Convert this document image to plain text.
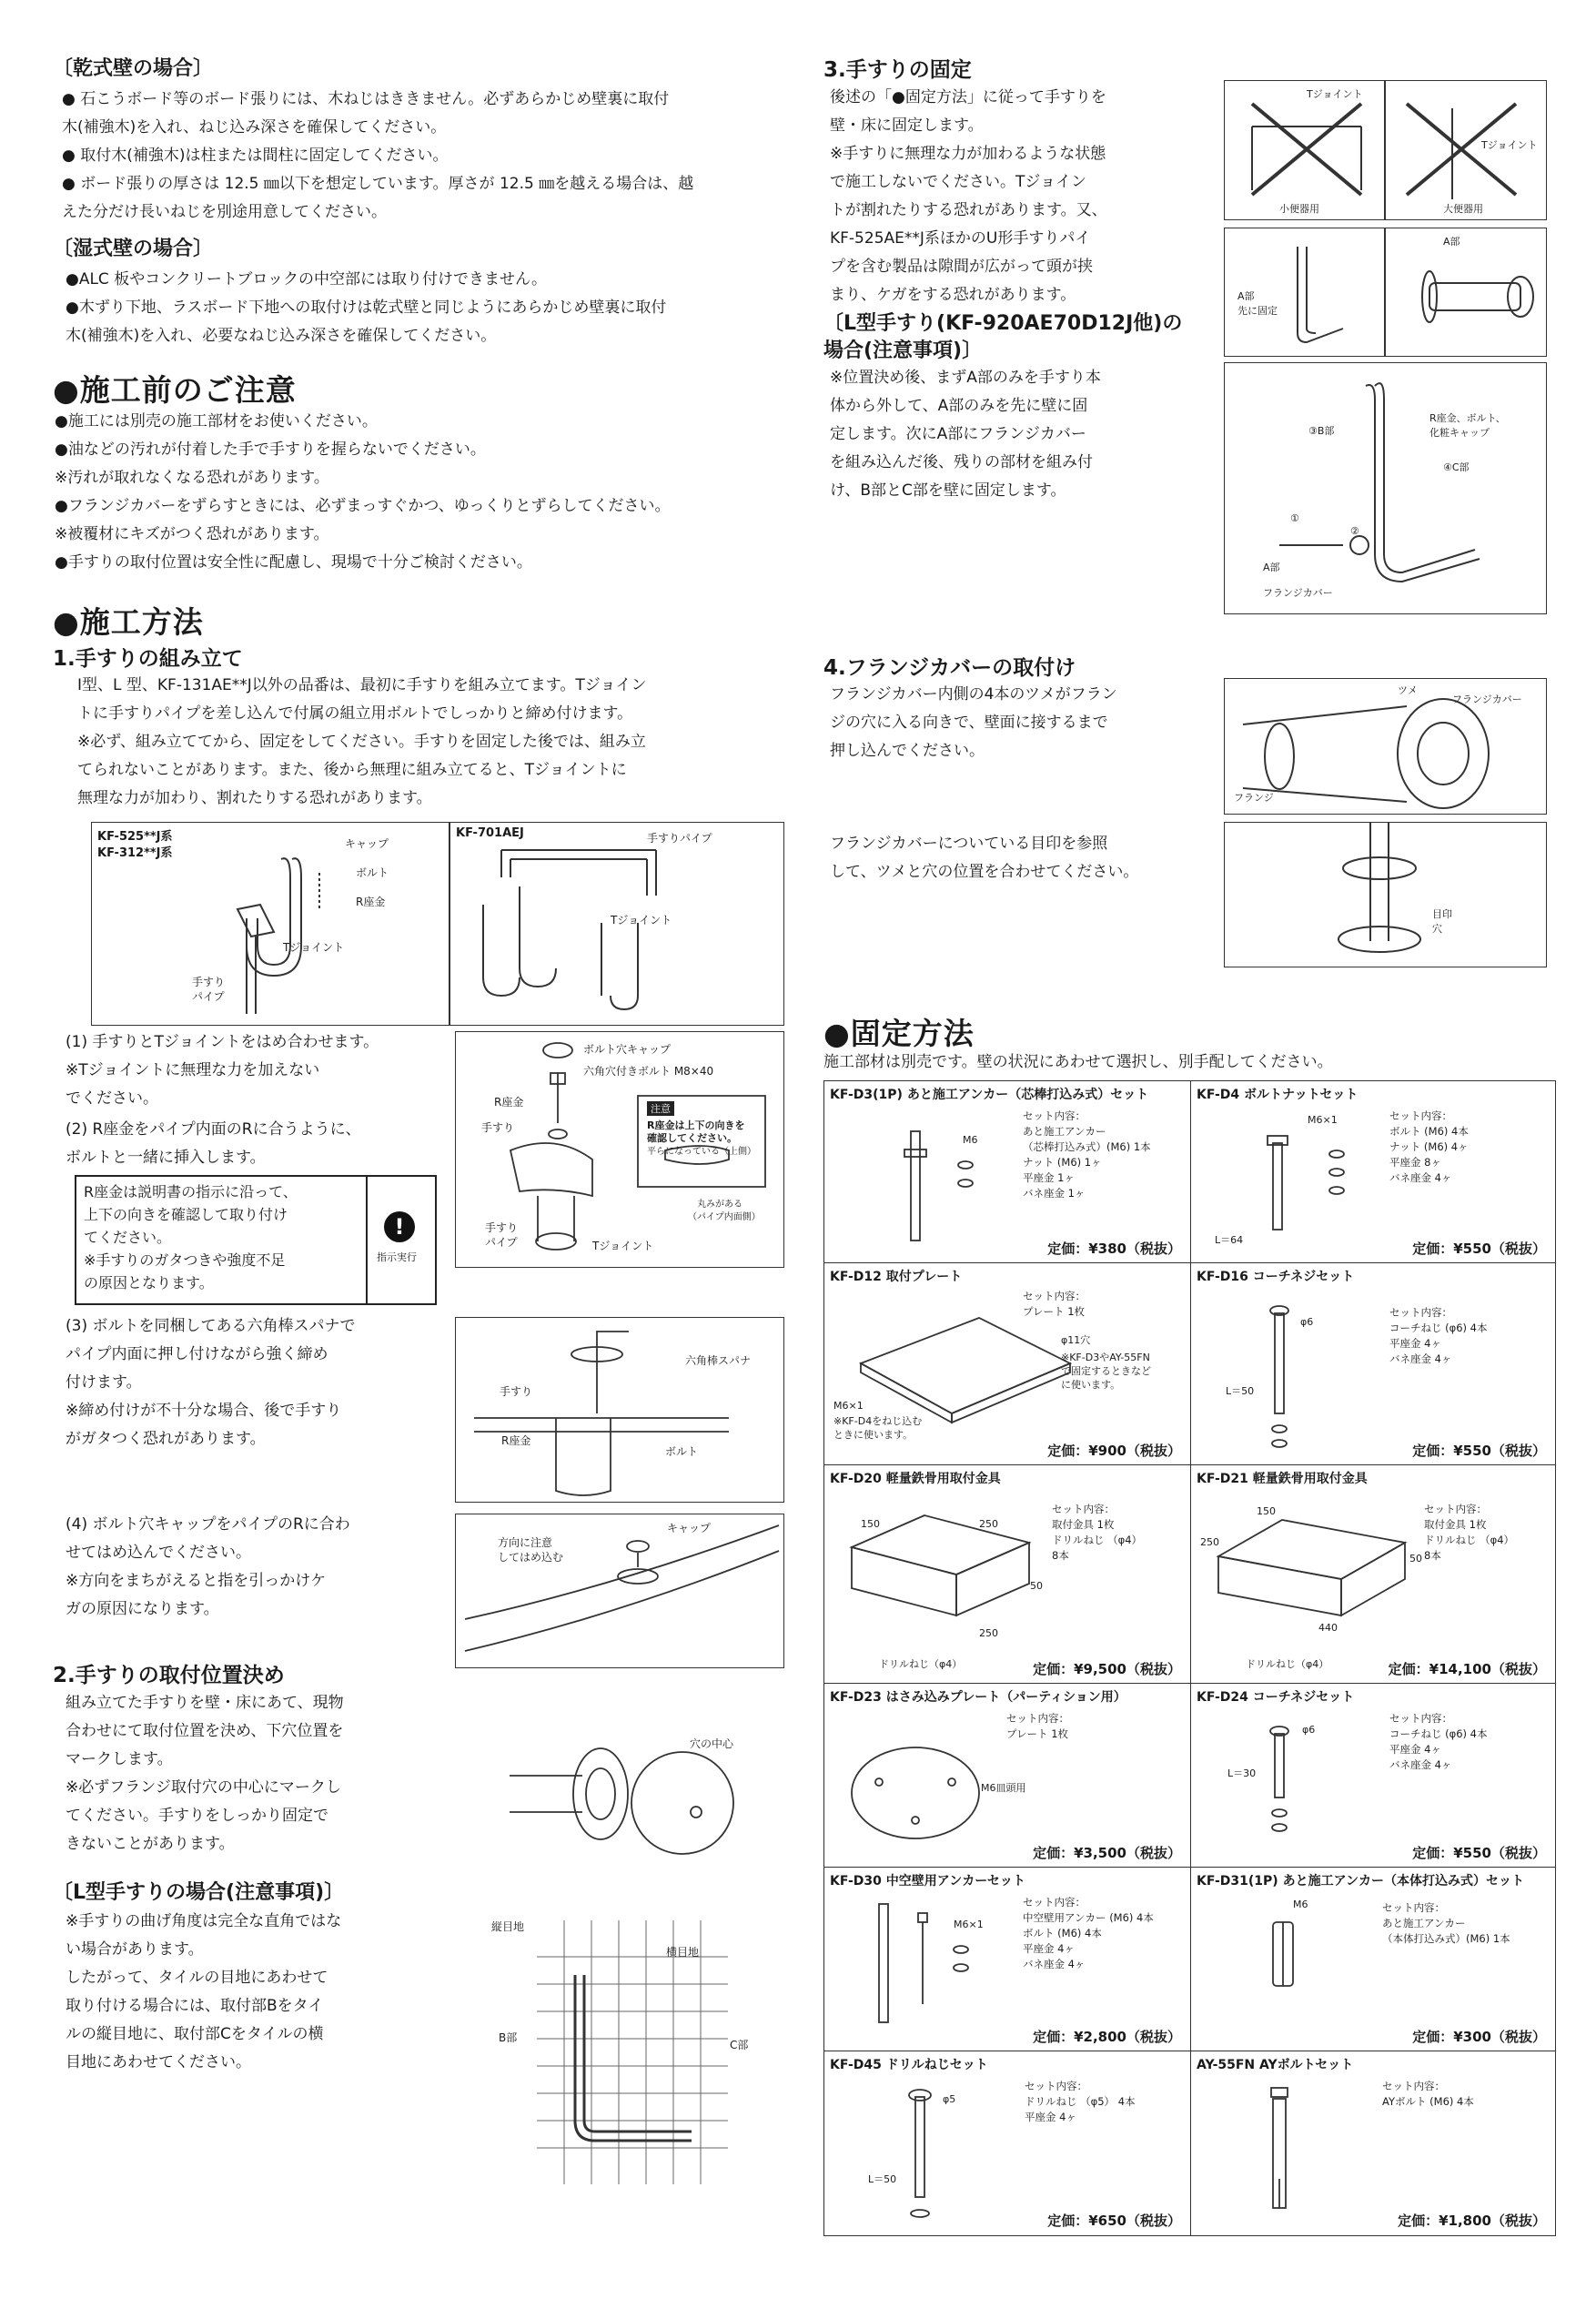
〔乾式壁の場合〕
● 石こうボード等のボード張りには、木ねじはききません。必ずあらかじめ壁裏に取付
木(補強木)を入れ、ねじ込み深さを確保してください。
● 取付木(補強木)は柱または間柱に固定してください。
● ボード張りの厚さは 12.5 ㎜以下を想定しています。厚さが 12.5 ㎜を越える場合は、越
えた分だけ長いねじを別途用意してください。
〔湿式壁の場合〕
●ALC 板やコンクリートブロックの中空部には取り付けできません。
●木ずり下地、ラスボード下地への取付けは乾式壁と同じようにあらかじめ壁裏に取付
木(補強木)を入れ、必要なねじ込み深さを確保してください。
●施工前のご注意
●施工には別売の施工部材をお使いください。
●油などの汚れが付着した手で手すりを握らないでください。
※汚れが取れなくなる恐れがあります。
●フランジカバーをずらすときには、必ずまっすぐかつ、ゆっくりとずらしてください。
※被覆材にキズがつく恐れがあります。
●手すりの取付位置は安全性に配慮し、現場で十分ご検討ください。
●施工方法
1.手すりの組み立て
Ⅰ型、L 型、KF-131AE**J以外の品番は、最初に手すりを組み立てます。Tジョイン
トに手すりパイプを差し込んで付属の組立用ボルトでしっかりと締め付けます。
※必ず、組み立ててから、固定をしてください。手すりを固定した後では、組み立
てられないことがあります。また、後から無理に組み立てると、Tジョイントに
無理な力が加わり、割れたりする恐れがあります。
KF-525**J系
KF-312**J系
キャップ
ボルト
R座金
Tジョイント
手すり
パイプ
KF-701AEJ	手すりパイプ
Tジョイント
(1) 手すりとTジョイントをはめ合わせます。
※Tジョイントに無理な力を加えない
でください。
(2) R座金をパイプ内面のRに合うように、
ボルトと一緒に挿入します。
R座金は説明書の指示に沿って、
上下の向きを確認して取り付け
てください。
※手すりのガタつきや強度不足
の原因となります。
!
指示実行
ボルト穴キャップ
六角穴付きボルト M8×40
R座金
手すり
手すり
パイプ	Tジョイント
注意
R座金は上下の向きを
確認してください。
平らになっている（上側）
丸みがある
（パイプ内面側）
(3) ボルトを同梱してある六角棒スパナで
パイプ内面に押し付けながら強く締め
付けます。
※締め付けが不十分な場合、後で手すり
がガタつく恐れがあります。
(4) ボルト穴キャップをパイプのRに合わ
せてはめ込んでください。
※方向をまちがえると指を引っかけケ
ガの原因になります。
六角棒スパナ
手すり
R座金
ボルト
方向に注意
してはめ込む
キャップ
2.手すりの取付位置決め
組み立てた手すりを壁・床にあて、現物
合わせにて取付位置を決め、下穴位置を
マークします。
※必ずフランジ取付穴の中心にマークし
てください。手すりをしっかり固定で
きないことがあります。
穴の中心
〔L型手すりの場合(注意事項)〕
※手すりの曲げ角度は完全な直角ではな
い場合があります。
したがって、タイルの目地にあわせて
取り付ける場合には、取付部Bをタイ
ルの縦目地に、取付部Cをタイルの横
目地にあわせてください。
縦目地
横目地
B部
C部
3.手すりの固定
後述の「●固定方法」に従って手すりを
壁・床に固定します。
※手すりに無理な力が加わるような状態
で施工しないでください。Tジョイン
トが割れたりする恐れがあります。又、
KF-525AE**J系ほかのU形手すりパイ
プを含む製品は隙間が広がって頭が挟
まり、ケガをする恐れがあります。
Tジョイント
Tジョイント
小便器用	大便器用
A部
先に固定
A部
〔L型手すり(KF-920AE70D12J他)の
場合(注意事項)〕
※位置決め後、まずA部のみを手すり本
体から外して、A部のみを先に壁に固
定します。次にA部にフランジカバー
を組み込んだ後、残りの部材を組み付
け、B部とC部を壁に固定します。
③B部
R座金、ボルト、
化粧キャップ
④C部
①
②
A部
フランジカバー
4.フランジカバーの取付け
フランジカバー内側の4本のツメがフラン
ジの穴に入る向きで、壁面に接するまで
押し込んでください。
フランジカバーについている目印を参照
して、ツメと穴の位置を合わせてください。
ツメ
フランジカバー
フランジ
目印
穴
●固定方法
施工部材は別売です。壁の状況にあわせて選択し、別手配してください。
KF-D3(1P) あと施工アンカー（芯棒打込み式）セット
M6
セット内容：
あと施工アンカー
（芯棒打込み式）(M6) 1本
ナット (M6) 1ヶ
平座金 1ヶ
バネ座金 1ヶ
定価：¥380（税抜）
KF-D4 ボルトナットセット
M6×1
L＝64
セット内容：
ボルト (M6) 4本
ナット (M6) 4ヶ
平座金 8ヶ
バネ座金 4ヶ
定価：¥550（税抜）
KF-D12 取付プレート
セット内容：
プレート 1枚
φ11穴
※KF-D3やAY-55FN
で固定するときなど
に使います。
M6×1
※KF-D4をねじ込む
ときに使います。
定価：¥900（税抜）
KF-D16 コーチネジセット
φ6
L＝50
セット内容：
コーチねじ (φ6) 4本
平座金 4ヶ
バネ座金 4ヶ
定価：¥550（税抜）
KF-D20 軽量鉄骨用取付金具
150	250
50
250
ドリルねじ（φ4）
セット内容：
取付金具 1枚
ドリルねじ （φ4）
8本
定価：¥9,500（税抜）
KF-D21 軽量鉄骨用取付金具
150
250
50
440
ドリルねじ（φ4）
セット内容：
取付金具 1枚
ドリルねじ （φ4）
8本
定価：¥14,100（税抜）
KF-D23 はさみ込みプレート（パーティション用）
セット内容：
プレート 1枚
M6皿頭用
定価：¥3,500（税抜）
KF-D24 コーチネジセット
φ6
L＝30
セット内容：
コーチねじ (φ6) 4本
平座金 4ヶ
バネ座金 4ヶ
定価：¥550（税抜）
KF-D30 中空壁用アンカーセット
M6×1
セット内容：
中空壁用アンカー (M6) 4本
ボルト (M6) 4本
平座金 4ヶ
バネ座金 4ヶ
定価：¥2,800（税抜）
KF-D31(1P) あと施工アンカー（本体打込み式）セット
M6	セット内容：
あと施工アンカー
（本体打込み式）(M6) 1本
定価：¥300（税抜）
KF-D45 ドリルねじセット
φ5
L＝50
セット内容：
ドリルねじ （φ5） 4本
平座金 4ヶ
定価：¥650（税抜）
AY-55FN AYボルトセット
セット内容：
AYボルト (M6) 4本
定価：¥1,800（税抜）
